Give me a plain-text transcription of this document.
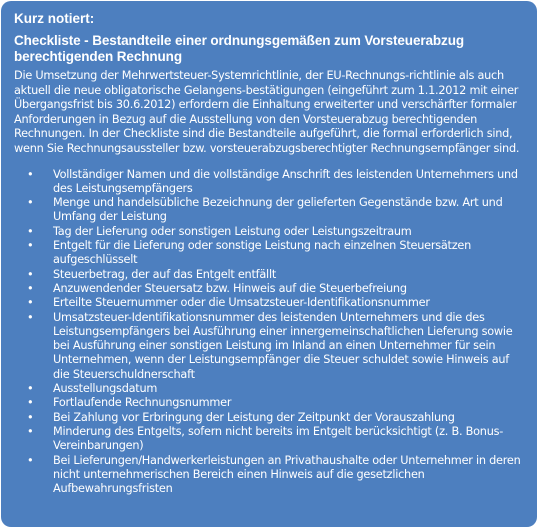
Kurz notiert:
Checkliste - Bestandteile einer ordnungsgemäßen zum Vorsteuerabzug berechtigenden Rechnung
Die Umsetzung der Mehrwertsteuer-Systemrichtlinie, der EU-Rechnungs-richtlinie als auch aktuell die neue obligatorische Gelangens-bestätigungen (eingeführt zum 1.1.2012 mit einer Übergangsfrist bis 30.6.2012) erfordern die Einhaltung erweiterter und verschärfter formaler Anforderungen in Bezug auf die Ausstellung von den Vorsteuerabzug berechtigenden Rechnungen. In der Checkliste sind die Bestandteile aufgeführt, die formal erforderlich sind, wenn Sie Rechnungsaussteller bzw. vorsteuerabzugsberechtigter Rechnungsempfänger sind.
• Vollständiger Namen und die vollständige Anschrift des leistenden Unternehmers und des Leistungsempfängers
• Menge und handelsübliche Bezeichnung der gelieferten Gegenstände bzw. Art und Umfang der Leistung
• Tag der Lieferung oder sonstigen Leistung oder Leistungszeitraum
• Entgelt für die Lieferung oder sonstige Leistung nach einzelnen Steuersätzen aufgeschlüsselt
• Steuerbetrag, der auf das Entgelt entfällt
• Anzuwendender Steuersatz bzw. Hinweis auf die Steuerbefreiung
• Erteilte Steuernummer oder die Umsatzsteuer-Identifikationsnummer
• Umsatzsteuer-Identifikationsnummer des leistenden Unternehmers und die des Leistungsempfängers bei Ausführung einer innergemeinschaftlichen Lieferung sowie bei Ausführung einer sonstigen Leistung im Inland an einen Unternehmer für sein Unternehmen, wenn der Leistungsempfänger die Steuer schuldet sowie Hinweis auf die Steuerschuldnerschaft
• Ausstellungsdatum
• Fortlaufende Rechnungsnummer
• Bei Zahlung vor Erbringung der Leistung der Zeitpunkt der Vorauszahlung
• Minderung des Entgelts, sofern nicht bereits im Entgelt berücksichtigt (z. B. Bonus-Vereinbarungen)
• Bei Lieferungen/Handwerkerleistungen an Privathaushalte oder Unternehmer in deren nicht unternehmerischen Bereich einen Hinweis auf die gesetzlichen Aufbewahrungsfristen
